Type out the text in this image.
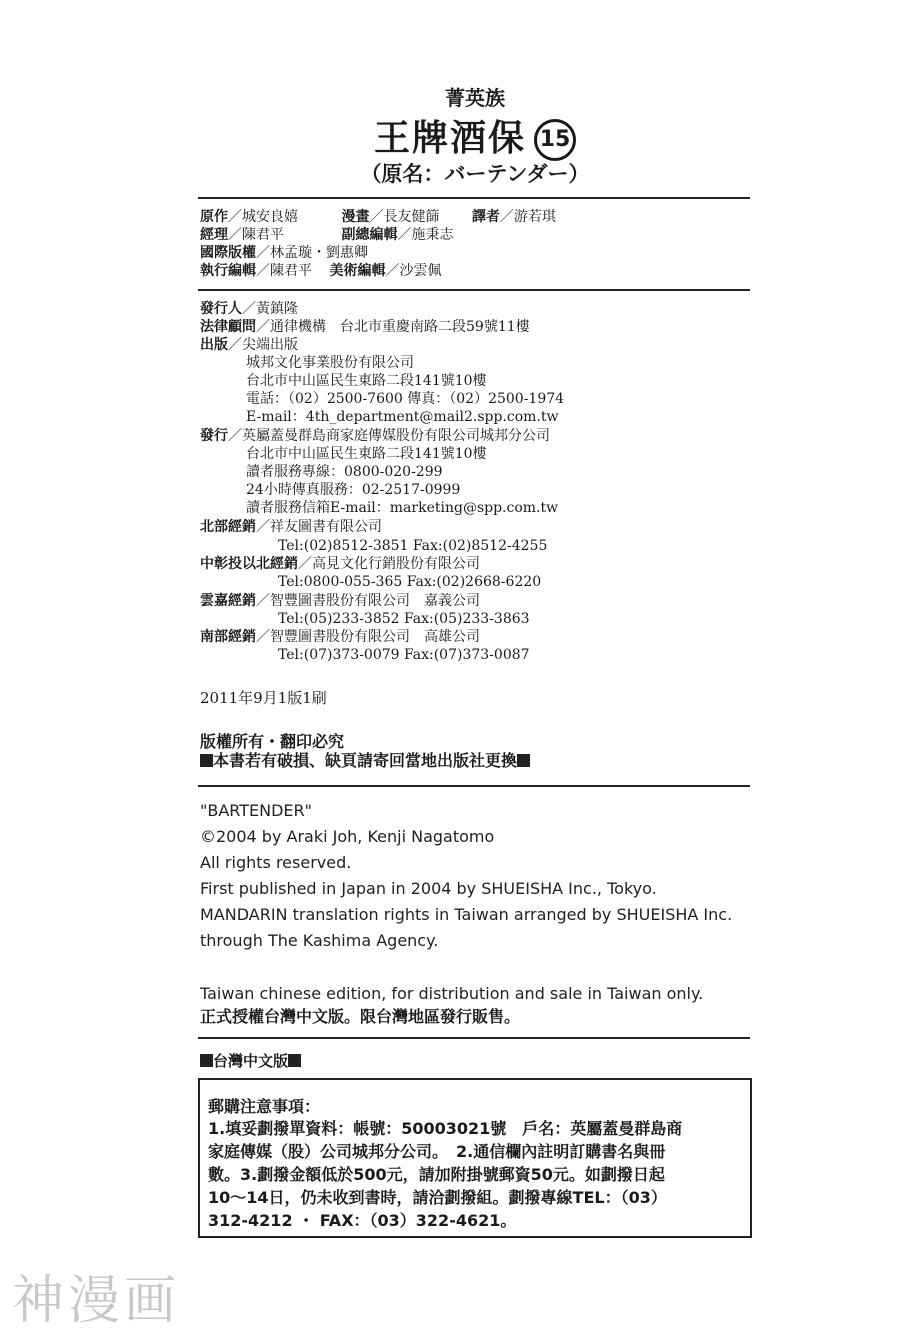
菁英族
王牌酒保 15
（原名：バーテンダー）
原作／城安良嬉	漫畫／長友健篩 譯者／游若琪
經理／陳君平	副總編輯／施秉志
國際版權／林孟璇・劉惠卿
執行編輯／陳君平 美術編輯／沙雲佩
發行人／黃鎮隆
法律顧問／通律機構　台北市重慶南路二段59號11樓
出版／尖端出版
城邦文化事業股份有限公司
台北市中山區民生東路二段141號10樓
電話：（02）2500-7600 傳真：（02）2500-1974
E-mail：4th_department@mail2.spp.com.tw
發行／英屬蓋曼群島商家庭傳媒股份有限公司城邦分公司
台北市中山區民生東路二段141號10樓
讀者服務專線：0800-020-299
24小時傳真服務：02-2517-0999
讀者服務信箱E-mail：marketing@spp.com.tw
北部經銷／祥友圖書有限公司
Tel:(02)8512-3851 Fax:(02)8512-4255
中彰投以北經銷／高見文化行銷股份有限公司
Tel:0800-055-365 Fax:(02)2668-6220
雲嘉經銷／智豐圖書股份有限公司　嘉義公司
Tel:(05)233-3852 Fax:(05)233-3863
南部經銷／智豐圖書股份有限公司　高雄公司
Tel:(07)373-0079 Fax:(07)373-0087
2011年9月1版1刷
版權所有・翻印必究
本書若有破損、缺頁請寄回當地出版社更換
"BARTENDER"
©2004 by Araki Joh, Kenji Nagatomo
All rights reserved.
First published in Japan in 2004 by SHUEISHA Inc., Tokyo.
MANDARIN translation rights in Taiwan arranged by SHUEISHA Inc.
through The Kashima Agency.
Taiwan chinese edition, for distribution and sale in Taiwan only.
正式授權台灣中文版。限台灣地區發行販售。
台灣中文版
郵購注意事項：
1.填妥劃撥單資料：帳號：50003021號　戶名：英屬蓋曼群島商
家庭傳媒（股）公司城邦分公司。　2.通信欄內註明訂購書名與冊
數。3.劃撥金額低於500元，請加附掛號郵資50元。如劃撥日起
10～14日，仍未收到書時，請洽劃撥組。劃撥專線TEL：（03）
312-4212 ・ FAX：（03）322-4621。
神漫画
